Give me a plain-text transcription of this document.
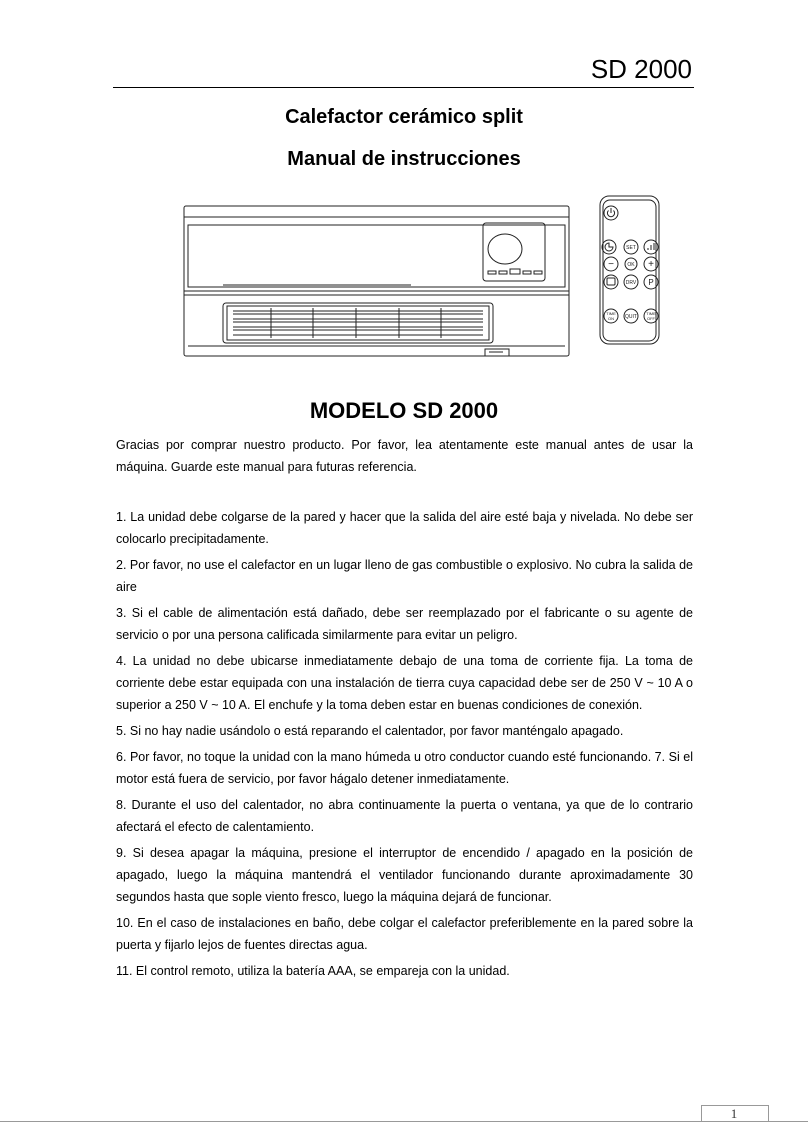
SD 2000
Calefactor cerámico split
Manual de instrucciones
SET
OK
−	+
DRV P
TIME
ON QUIT
TIME
OFF
MODELO SD 2000

Gracias por comprar nuestro producto. Por favor, lea atentamente este manual antes de usar la máquina. Guarde este manual para futuras referencia.

1. La unidad debe colgarse de la pared y hacer que la salida del aire esté baja y nivelada. No debe ser colocarlo precipitadamente.

2. Por favor, no use el calefactor en un lugar lleno de gas combustible o explosivo. No cubra la salida de aire

3. Si el cable de alimentación está dañado, debe ser reemplazado por el fabricante o su agente de servicio o por una persona calificada similarmente para evitar un peligro.

4. La unidad no debe ubicarse inmediatamente debajo de una toma de corriente fija. La toma de corriente debe estar equipada con una instalación de tierra cuya capacidad debe ser de 250 V ~ 10 A o superior a 250 V ~ 10 A. El enchufe y la toma deben estar en buenas condiciones de conexión.

5. Si no hay nadie usándolo o está reparando el calentador, por favor manténgalo apagado.

6. Por favor, no toque la unidad con la mano húmeda u otro conductor cuando esté funcionando. 7. Si el motor está fuera de servicio, por favor hágalo detener inmediatamente.

8. Durante el uso del calentador, no abra continuamente la puerta o ventana, ya que de lo contrario afectará el efecto de calentamiento.

9. Si desea apagar la máquina, presione el interruptor de encendido / apagado en la posición de apagado, luego la máquina mantendrá el ventilador funcionando durante aproximadamente 30 segundos hasta que sople viento fresco, luego la máquina dejará de funcionar.

10. En el caso de instalaciones en baño, debe colgar el calefactor preferiblemente en la pared sobre la puerta y fijarlo lejos de fuentes directas agua.

11. El control remoto, utiliza la batería AAA, se empareja con la unidad.

1
